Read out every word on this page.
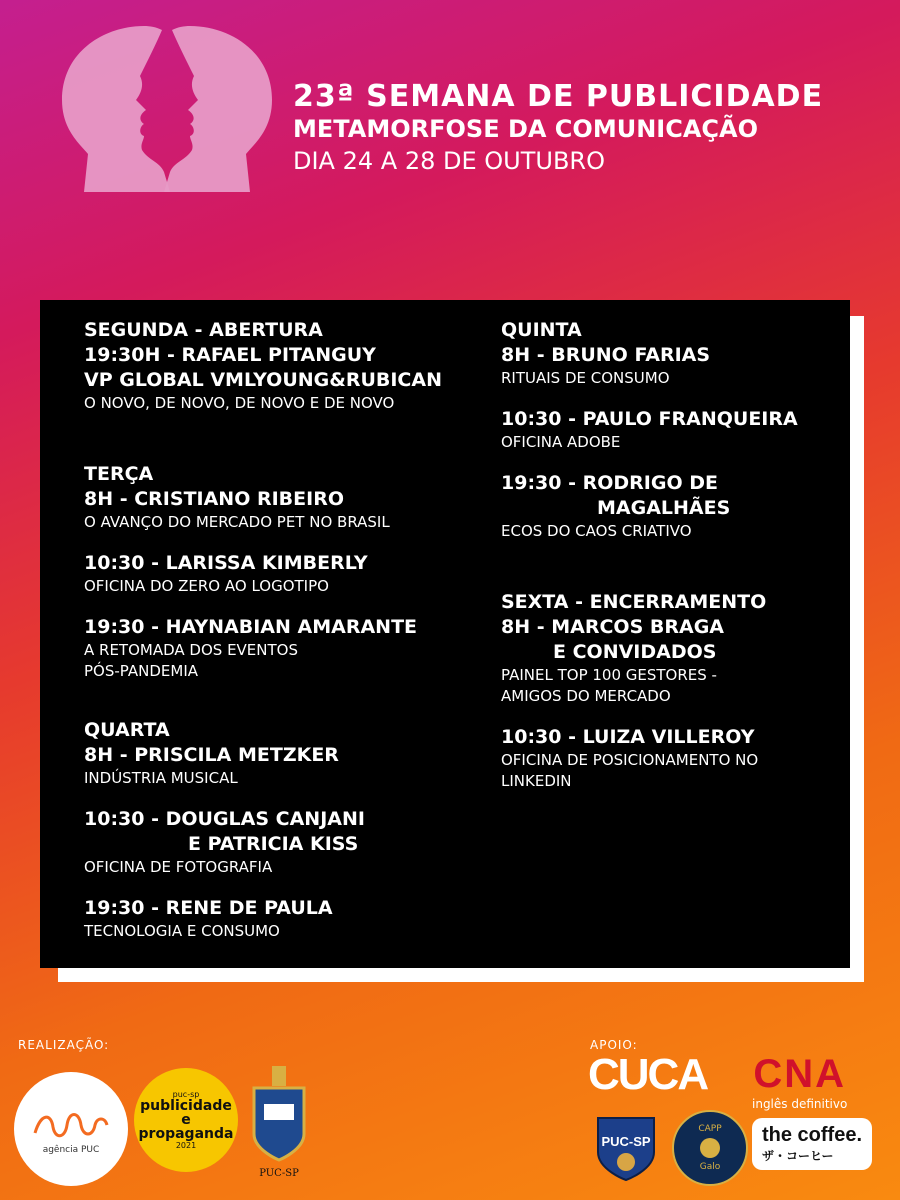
23ª SEMANA DE PUBLICIDADE
METAMORFOSE DA COMUNICAÇÃO
DIA 24 A 28 DE OUTUBRO
SEGUNDA - ABERTURA
19:30H - RAFAEL PITANGUY
VP GLOBAL VMLYOUNG&RUBICAN
O NOVO, DE NOVO, DE NOVO E DE NOVO
TERÇA
8H - CRISTIANO RIBEIRO
O AVANÇO DO MERCADO PET NO BRASIL
10:30 - LARISSA KIMBERLY
OFICINA DO ZERO AO LOGOTIPO
19:30 - HAYNABIAN AMARANTE
A RETOMADA DOS EVENTOS
PÓS-PANDEMIA
QUARTA
8H - PRISCILA METZKER
INDÚSTRIA MUSICAL
10:30 - DOUGLAS CANJANI
E PATRICIA KISS
OFICINA DE FOTOGRAFIA
19:30 - RENE DE PAULA
TECNOLOGIA E CONSUMO
QUINTA
8H - BRUNO FARIAS
RITUAIS DE CONSUMO
10:30 - PAULO FRANQUEIRA
OFICINA ADOBE
19:30 - RODRIGO DE
MAGALHÃES
ECOS DO CAOS CRIATIVO
SEXTA - ENCERRAMENTO
8H - MARCOS BRAGA
E CONVIDADOS
PAINEL TOP 100 GESTORES -
AMIGOS DO MERCADO
10:30 - LUIZA VILLEROY
OFICINA DE POSICIONAMENTO NO
LINKEDIN
REALIZAÇÃO:	APOIO:
agência PUC
puc-sp
publicidade
e propaganda
2021
PUC-SP
CUCA CNA
inglês definitivo
PUC-SP
CAPP
Galo
the coffee.
ザ・コーヒー
